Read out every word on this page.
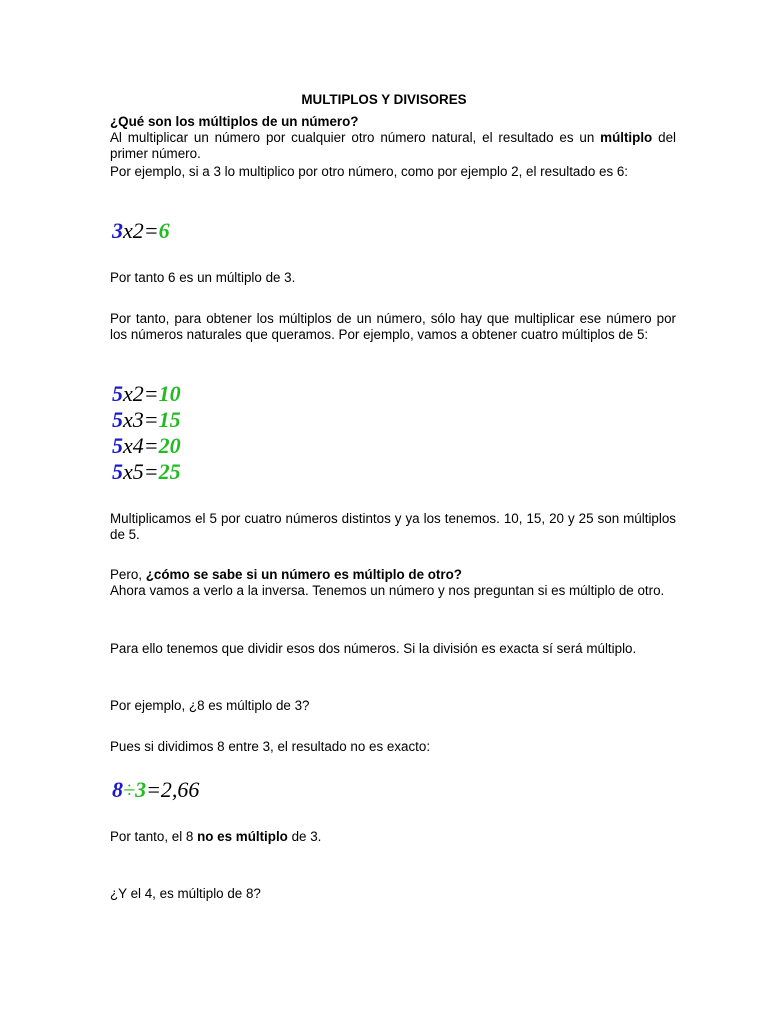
MULTIPLOS Y DIVISORES

¿Qué son los múltiplos de un número?

Al multiplicar un número por cualquier otro número natural, el resultado es un múltiplo del primer número.

Por ejemplo, si a 3 lo multiplico por otro número, como por ejemplo 2, el resultado es 6:

3x2=6

Por tanto 6 es un múltiplo de 3.

Por tanto, para obtener los múltiplos de un número, sólo hay que multiplicar ese número por los números naturales que queramos. Por ejemplo, vamos a obtener cuatro múltiplos de 5:

5x2=10
5x3=15
5x4=20
5x5=25

Multiplicamos el 5 por cuatro números distintos y ya los tenemos. 10, 15, 20 y 25 son múltiplos de 5.

Pero, ¿cómo se sabe si un número es múltiplo de otro?
Ahora vamos a verlo a la inversa. Tenemos un número y nos preguntan si es múltiplo de otro.

Para ello tenemos que dividir esos dos números. Si la división es exacta sí será múltiplo.

Por ejemplo, ¿8 es múltiplo de 3?

Pues si dividimos 8 entre 3, el resultado no es exacto:

8÷3=2,66

Por tanto, el 8 no es múltiplo de 3.

¿Y el 4, es múltiplo de 8?
